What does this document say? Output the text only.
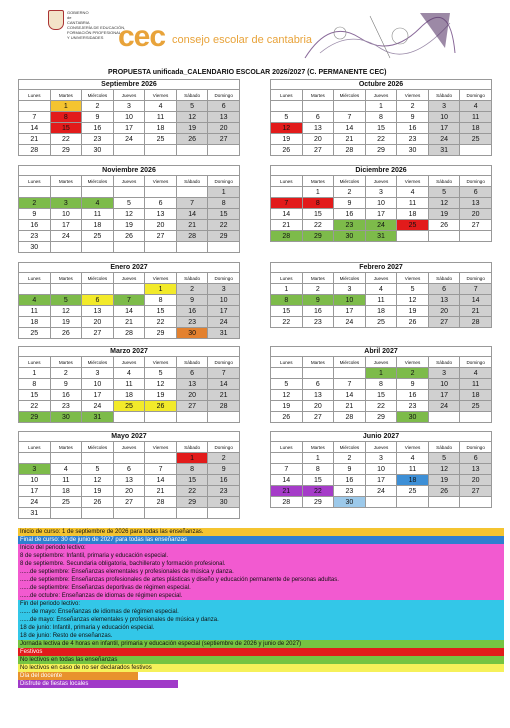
GOBIERNO
de
CANTABRIA
CONSEJERÍA DE EDUCACIÓN,
FORMACIÓN PROFESIONAL
Y UNIVERSIDADES cec consejo escolar de cantabria
PROPUESTA unificada_CALENDARIO ESCOLAR 2026/2027 (C. PERMANENTE CEC)
Septiembre 2026
Lunes	Martes	Miércoles	Jueves	Viernes	Sábado	Domingo
	1	2	3	4	5	6
7	8	9	10	11	12	13
14	15	16	17	18	19	20
21	22	23	24	25	26	27
28	29	30				
Octubre 2026
Lunes	Martes	Miércoles	Jueves	Viernes	Sábado	Domingo
			1	2	3	4
5	6	7	8	9	10	11
12	13	14	15	16	17	18
19	20	21	22	23	24	25
26	27	28	29	30	31	
Noviembre 2026
Lunes	Martes	Miércoles	Jueves	Viernes	Sábado	Domingo
						1
2	3	4	5	6	7	8
9	10	11	12	13	14	15
16	17	18	19	20	21	22
23	24	25	26	27	28	29
30						
Diciembre 2026
Lunes	Martes	Miércoles	Jueves	Viernes	Sábado	Domingo
	1	2	3	4	5	6
7	8	9	10	11	12	13
14	15	16	17	18	19	20
21	22	23	24	25	26	27
28	29	30	31			
Enero 2027
Lunes	Martes	Miércoles	Jueves	Viernes	Sábado	Domingo
				1	2	3
4	5	6	7	8	9	10
11	12	13	14	15	16	17
18	19	20	21	22	23	24
25	26	27	28	29	30	31
Febrero 2027
Lunes	Martes	Miércoles	Jueves	Viernes	Sábado	Domingo
1	2	3	4	5	6	7
8	9	10	11	12	13	14
15	16	17	18	19	20	21
22	23	24	25	26	27	28
Marzo 2027
Lunes	Martes	Miércoles	Jueves	Viernes	Sábado	Domingo
1	2	3	4	5	6	7
8	9	10	11	12	13	14
15	16	17	18	19	20	21
22	23	24	25	26	27	28
29	30	31				
Abril 2027
Lunes	Martes	Miércoles	Jueves	Viernes	Sábado	Domingo
			1	2	3	4
5	6	7	8	9	10	11
12	13	14	15	16	17	18
19	20	21	22	23	24	25
26	27	28	29	30		
Mayo 2027
Lunes	Martes	Miércoles	Jueves	Viernes	Sábado	Domingo
					1	2
3	4	5	6	7	8	9
10	11	12	13	14	15	16
17	18	19	20	21	22	23
24	25	26	27	28	29	30
31						
Junio 2027
Lunes	Martes	Miércoles	Jueves	Viernes	Sábado	Domingo
	1	2	3	4	5	6
7	8	9	10	11	12	13
14	15	16	17	18	19	20
21	22	23	24	25	26	27
28	29	30				
Inicio de curso: 1 de septiembre de 2026 para todas las enseñanzas.
Final de curso: 30 de junio de 2027 para todas las enseñanzas
Inicio del periodo lectivo:
8 de septiembre: Infantil, primaria y educación especial.
8 de septiembre. Secundaria obligatoria, bachillerato y formación profesional.
......de septiembre: Enseñanzas elementales y profesionales de música y danza.
......de septiembre: Enseñanzas profesionales de artes plásticas y diseño y educación permanente de personas adultas.
......de septiembre: Enseñanzas deportivas de régimen especial.
......de octubre: Enseñanzas de idiomas de régimen especial.
Fin del periodo lectivo:
...... de mayo: Enseñanzas de idiomas de régimen especial.
......de mayo: Enseñanzas elementales y profesionales de música y danza.
18 de junio: Infantil, primaria y educación especial.
18 de junio: Resto de enseñanzas.
Jornada lectiva de 4 horas en infantil, primaria y educación especial (septiembre de 2026 y junio de 2027)
Festivos
No lectivos en todas las enseñanzas
No lectivos en caso de no ser declarados festivos
Día del docente
Disfrute de fiestas locales
